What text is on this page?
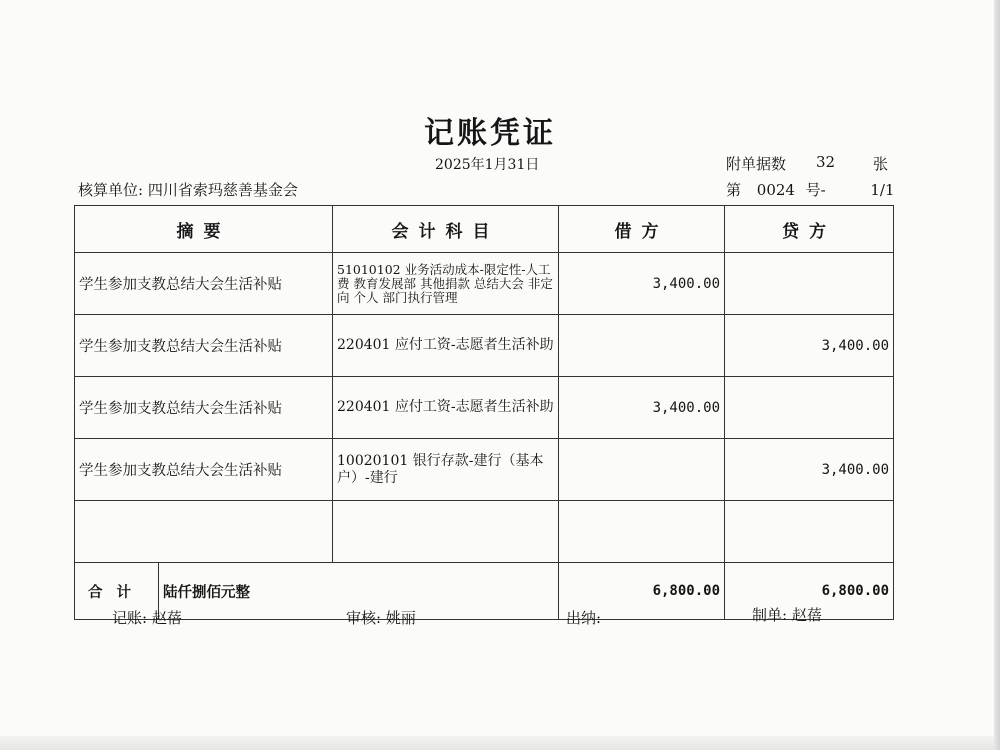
记账凭证
2025年1月31日	附单据数 32	张
核算单位: 四川省索玛慈善基金会	第 0024 号-	1/1
摘要		会计科目	借方	贷方
学生参加支教总结大会生活补贴		51010102 业务活动成本-限定性-人工费 教育发展部 其他捐款 总结大会 非定向 个人 部门执行管理	3,400.00	
学生参加支教总结大会生活补贴		220401 应付工资-志愿者生活补助		3,400.00
学生参加支教总结大会生活补贴		220401 应付工资-志愿者生活补助	3,400.00	
学生参加支教总结大会生活补贴		10020101 银行存款-建行（基本户）-建行		3,400.00

合计	陆仟捌佰元整		6,800.00	6,800.00
记账: 赵蓓	审核: 姚丽	出纳:	制单: 赵蓓
